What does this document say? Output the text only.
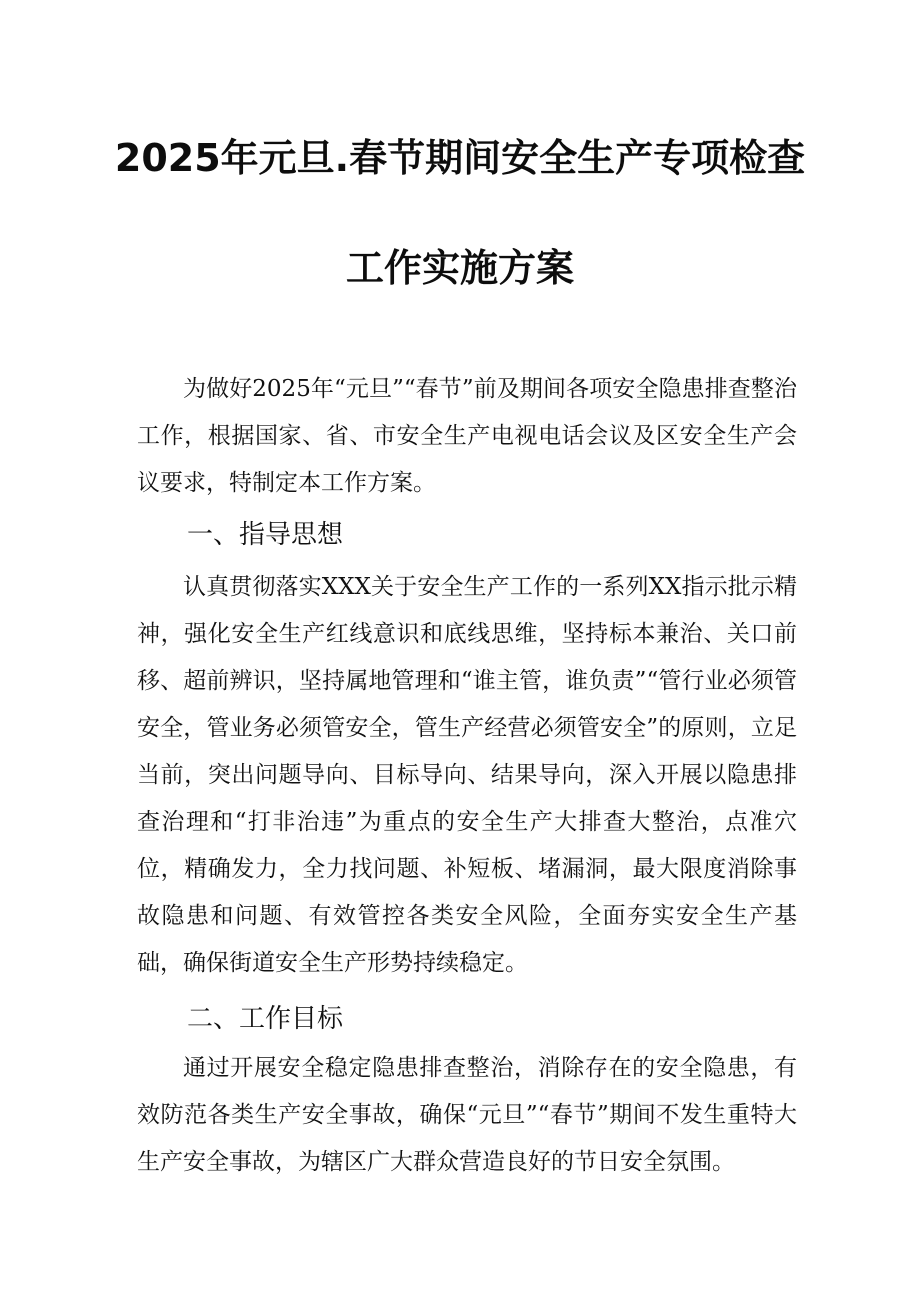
2025年元旦.春节期间安全生产专项检查
工作实施方案

为做好2025年“元旦”“春节”前及期间各项安全隐患排查整治工作，根据国家、省、市安全生产电视电话会议及区安全生产会议要求，特制定本工作方案。

一、指导思想

认真贯彻落实XXX关于安全生产工作的一系列XX指示批示精神，强化安全生产红线意识和底线思维，坚持标本兼治、关口前移、超前辨识，坚持属地管理和“谁主管，谁负责”“管行业必须管安全，管业务必须管安全，管生产经营必须管安全”的原则，立足当前，突出问题导向、目标导向、结果导向，深入开展以隐患排查治理和“打非治违”为重点的安全生产大排查大整治，点准穴位，精确发力，全力找问题、补短板、堵漏洞，最大限度消除事故隐患和问题、有效管控各类安全风险，全面夯实安全生产基础，确保街道安全生产形势持续稳定。

二、工作目标

通过开展安全稳定隐患排查整治，消除存在的安全隐患，有效防范各类生产安全事故，确保“元旦”“春节”期间不发生重特大生产安全事故，为辖区广大群众营造良好的节日安全氛围。
